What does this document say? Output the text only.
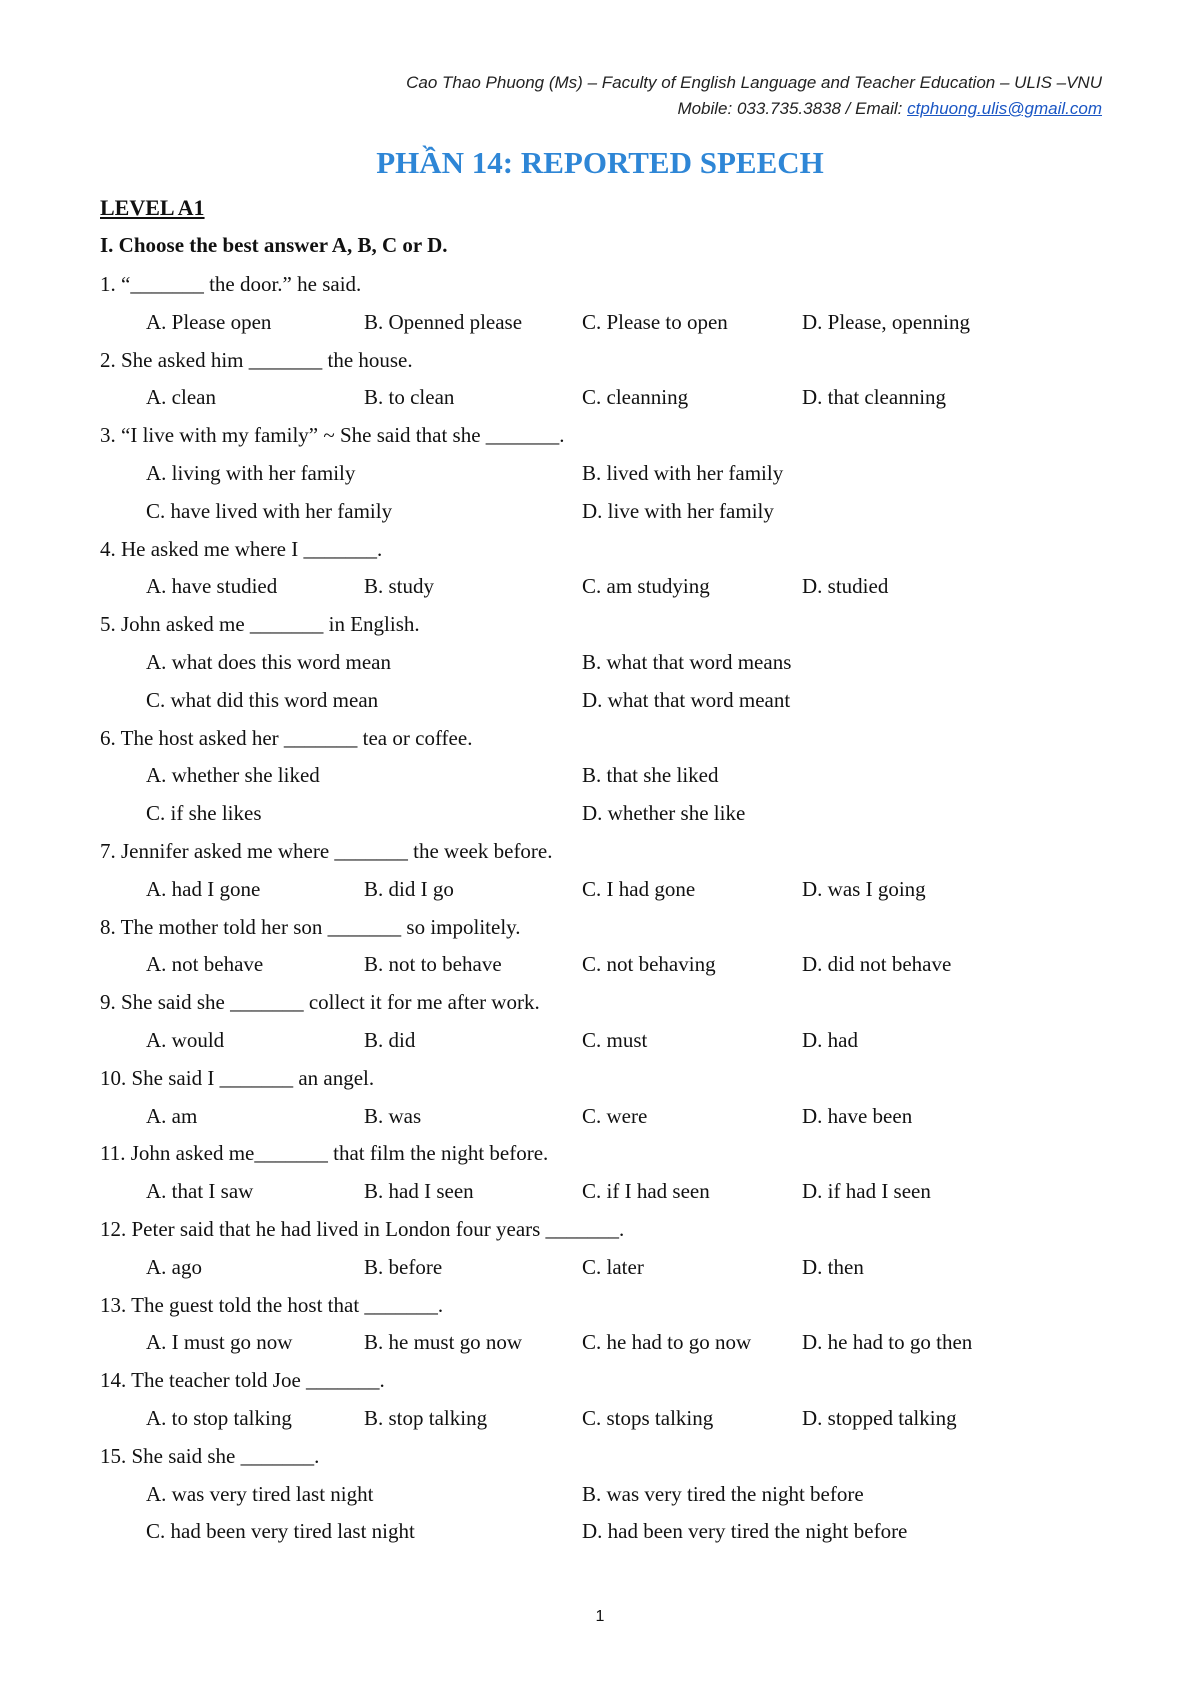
Cao Thao Phuong (Ms) – Faculty of English Language and Teacher Education – ULIS –VNU
Mobile: 033.735.3838 / Email: ctphuong.ulis@gmail.com
PHẦN 14: REPORTED SPEECH
LEVEL A1
I. Choose the best answer A, B, C or D.
1. “_______ the door.” he said.
A. Please open	B. Openned please	C. Please to open	D. Please, openning
2. She asked him _______ the house.
A. clean	B. to clean	C. cleanning	D. that cleanning
3. “I live with my family” ~ She said that she _______.
A. living with her family	B. lived with her family
C. have lived with her family	D. live with her family
4. He asked me where I _______.
A. have studied	B. study	C. am studying	D. studied
5. John asked me _______ in English.
A. what does this word mean	B. what that word means
C. what did this word mean	D. what that word meant
6. The host asked her _______ tea or coffee.
A. whether she liked	B. that she liked
C. if she likes	D. whether she like
7. Jennifer asked me where _______ the week before.
A. had I gone	B. did I go	C. I had gone	D. was I going
8. The mother told her son _______ so impolitely.
A. not behave	B. not to behave	C. not behaving	D. did not behave
9. She said she _______ collect it for me after work.
A. would	B. did	C. must	D. had
10. She said I _______ an angel.
A. am	B. was	C. were	D. have been
11. John asked me_______ that film the night before.
A. that I saw	B. had I seen	C. if I had seen	D. if had I seen
12. Peter said that he had lived in London four years _______.
A. ago	B. before	C. later	D. then
13. The guest told the host that _______.
A. I must go now	B. he must go now	C. he had to go now	D. he had to go then
14. The teacher told Joe _______.
A. to stop talking	B. stop talking	C. stops talking	D. stopped talking
15. She said she _______.
A. was very tired last night	B. was very tired the night before
C. had been very tired last night	D. had been very tired the night before
1
